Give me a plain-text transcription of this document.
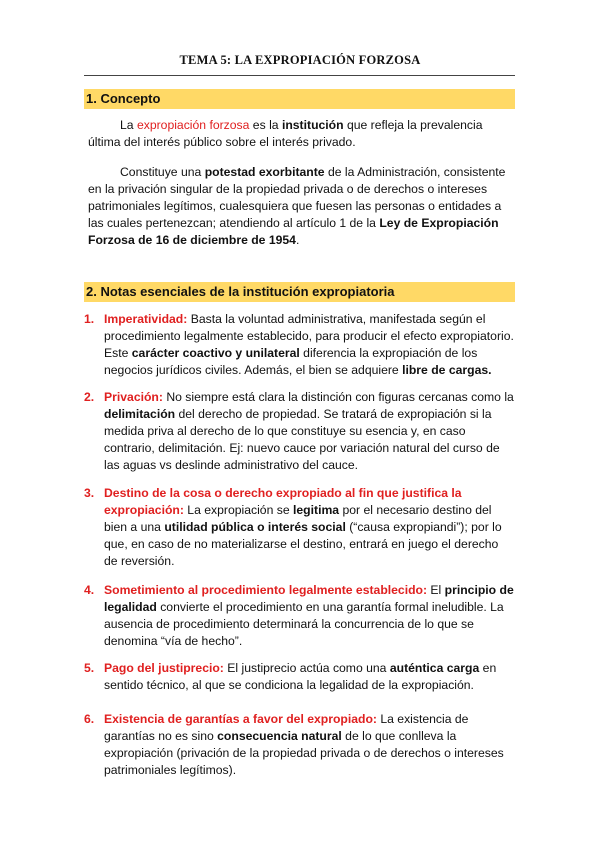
TEMA 5: LA EXPROPIACIÓN FORZOSA
1. Concepto

La expropiación forzosa es la institución que refleja la prevalencia última del interés público sobre el interés privado.

Constituye una potestad exorbitante de la Administración, consistente en la privación singular de la propiedad privada o de derechos o intereses patrimoniales legítimos, cualesquiera que fuesen las personas o entidades a las cuales pertenezcan; atendiendo al artículo 1 de la Ley de Expropiación Forzosa de 16 de diciembre de 1954.

2. Notas esenciales de la institución expropiatoria
1. Imperatividad: Basta la voluntad administrativa, manifestada según el procedimiento legalmente establecido, para producir el efecto expropiatorio. Este carácter coactivo y unilateral diferencia la expropiación de los negocios jurídicos civiles. Además, el bien se adquiere libre de cargas.
2. Privación: No siempre está clara la distinción con figuras cercanas como la delimitación del derecho de propiedad. Se tratará de expropiación si la medida priva al derecho de lo que constituye su esencia y, en caso contrario, delimitación. Ej: nuevo cauce por variación natural del curso de las aguas vs deslinde administrativo del cauce.
3. Destino de la cosa o derecho expropiado al fin que justifica la expropiación: La expropiación se legitima por el necesario destino del bien a una utilidad pública o interés social (“causa expropiandi”); por lo que, en caso de no materializarse el destino, entrará en juego el derecho de reversión.
4. Sometimiento al procedimiento legalmente establecido: El principio de legalidad convierte el procedimiento en una garantía formal ineludible. La ausencia de procedimiento determinará la concurrencia de lo que se denomina “vía de hecho”.
5. Pago del justiprecio: El justiprecio actúa como una auténtica carga en sentido técnico, al que se condiciona la legalidad de la expropiación.
6. Existencia de garantías a favor del expropiado: La existencia de garantías no es sino consecuencia natural de lo que conlleva la expropiación (privación de la propiedad privada o de derechos o intereses patrimoniales legítimos).
